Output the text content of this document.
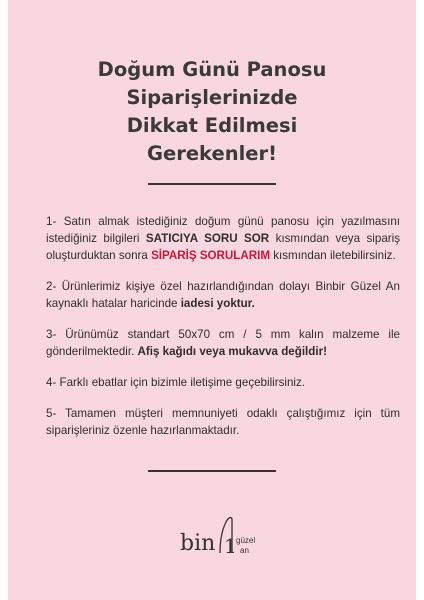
Doğum Günü Panosu
Siparişlerinizde
Dikkat Edilmesi
Gerekenler!

1- Satın almak istediğiniz doğum günü panosu için yazılmasını istediğiniz bilgileri SATICIYA SORU SOR kısmından veya sipariş oluşturduktan sonra SİPARİŞ SORULARIM kısmından iletebilirsiniz.

2- Ürünlerimiz kişiye özel hazırlandığından dolayı Binbir Güzel An kaynaklı hatalar haricinde iadesi yoktur.

3- Ürünümüz standart 50x70 cm / 5 mm kalın malzeme ile gönderilmektedir. Afiş kağıdı veya mukavva değildir!

4- Farklı ebatlar için bizimle iletişime geçebilirsiniz.

5- Tamamen müşteri memnuniyeti odaklı çalıştığımız için tüm siparişleriniz özenle hazırlanmaktadır.

bin 1 güzel
an
